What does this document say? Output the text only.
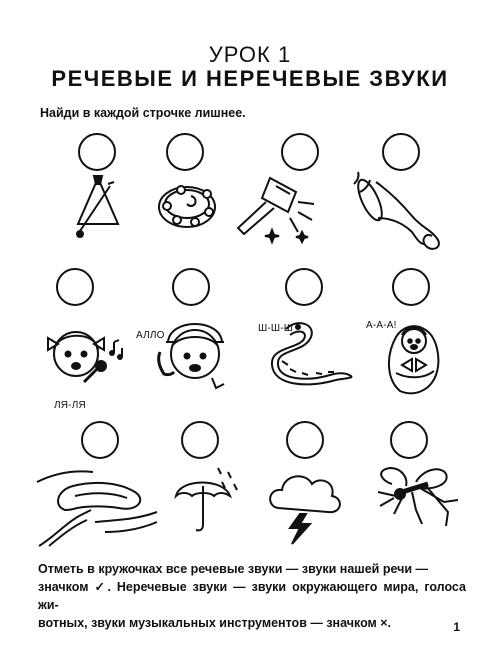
УРОК 1
РЕЧЕВЫЕ И НЕРЕЧЕВЫЕ ЗВУКИ
Найди в каждой строчке лишнее.
ЛЯ-ЛЯ
АЛЛО
Ш-Ш-Ш	А-А-А!
Отметь в кружочках все речевые звуки — звуки нашей речи —
значком ✓. Неречевые звуки — звуки окружающего мира, голоса жи-
вотных, звуки музыкальных инструментов — значком ×.	1
